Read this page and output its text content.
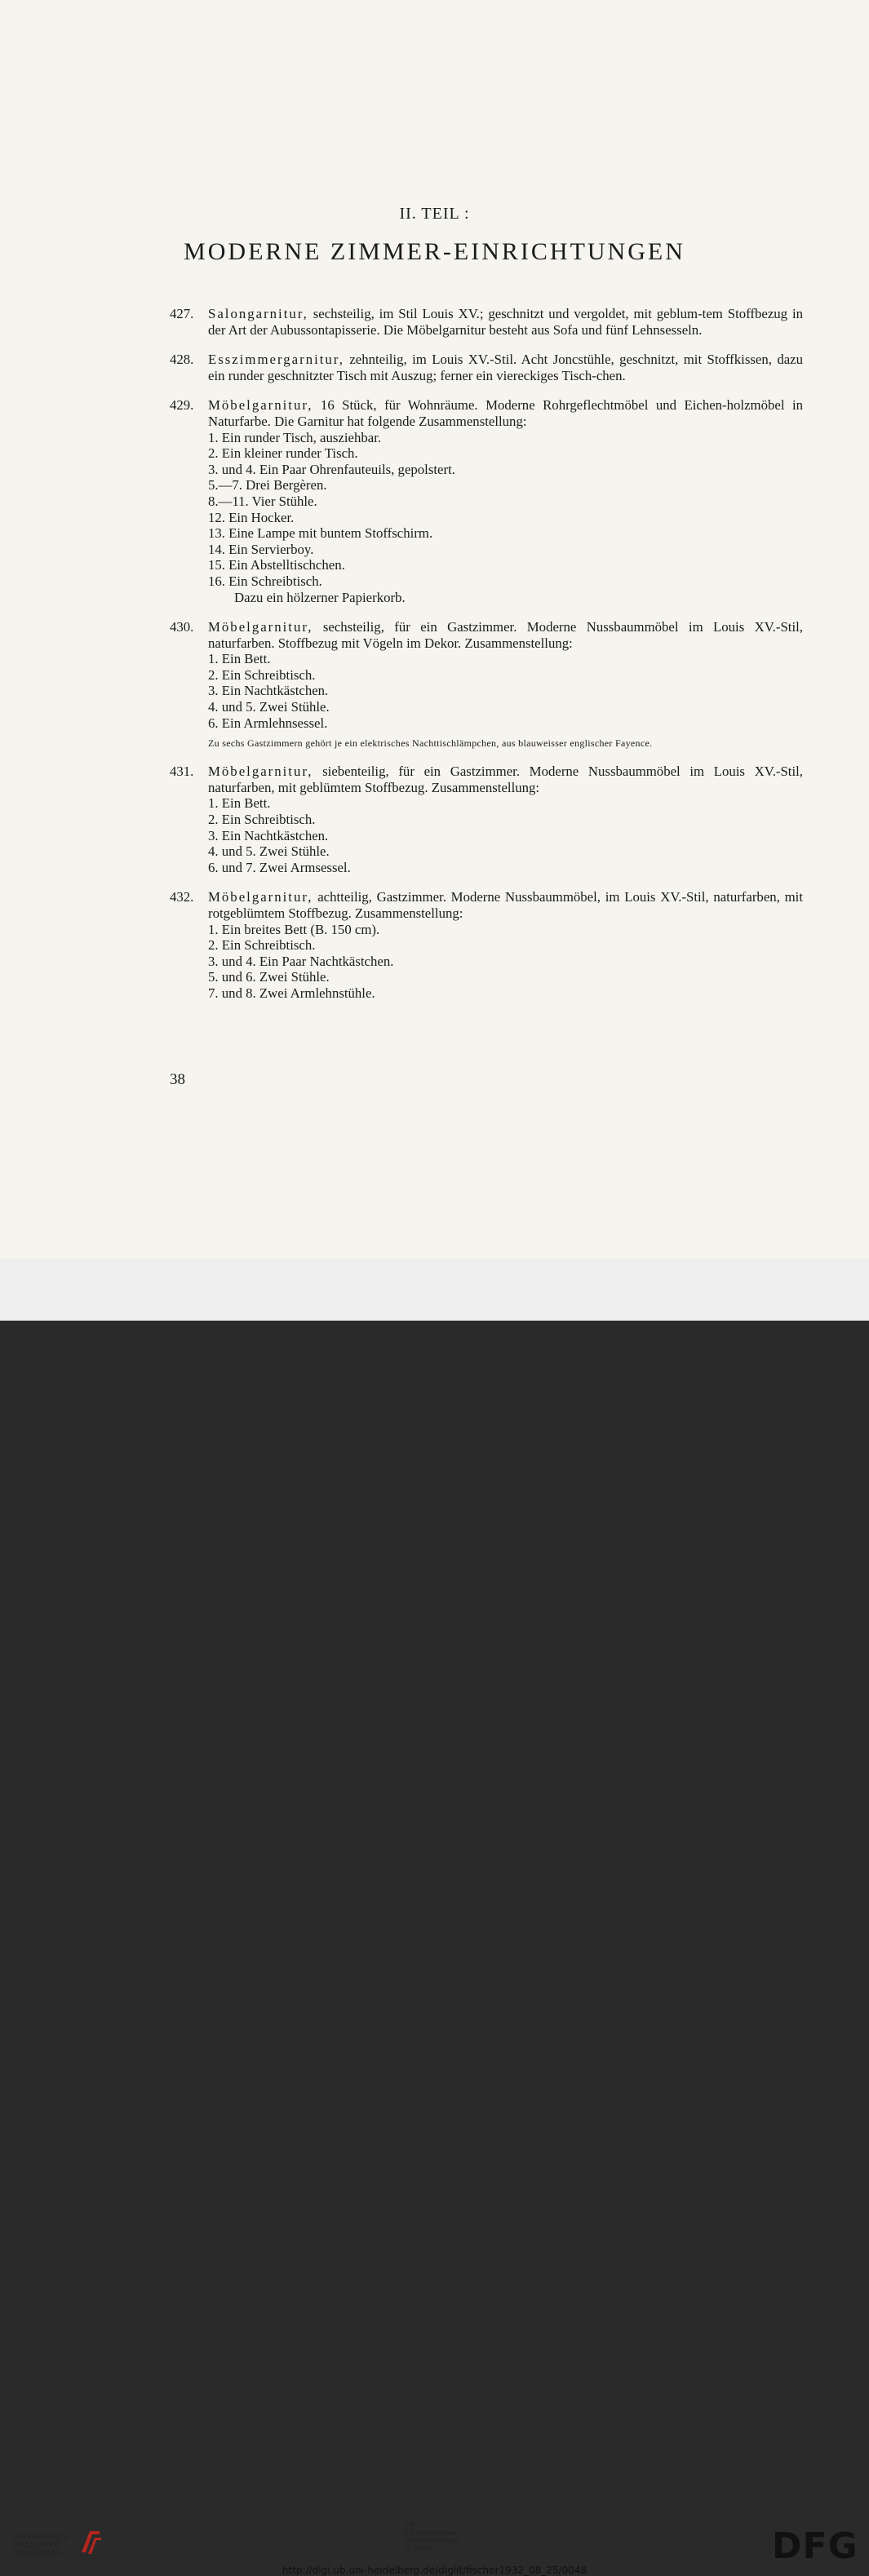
II. TEIL :
MODERNE ZIMMER-EINRICHTUNGEN
427. Salongarnitur, sechsteilig, im Stil Louis XV.; geschnitzt und vergoldet, mit geblum-tem Stoffbezug in der Art der Aubussontapisserie. Die Möbelgarnitur besteht aus Sofa und fünf Lehnsesseln.
428. Esszimmergarnitur, zehnteilig, im Louis XV.-Stil. Acht Joncstühle, geschnitzt, mit Stoffkissen, dazu ein runder geschnitzter Tisch mit Auszug; ferner ein viereckiges Tisch-chen.
429. Möbelgarnitur, 16 Stück, für Wohnräume. Moderne Rohrgeflechtmöbel und Eichen-holzmöbel in Naturfarbe. Die Garnitur hat folgende Zusammenstellung:
1. Ein runder Tisch, ausziehbar.
2. Ein kleiner runder Tisch.
3. und 4. Ein Paar Ohrenfauteuils, gepolstert.
5.—7. Drei Bergèren.
8.—11. Vier Stühle.
12. Ein Hocker.
13. Eine Lampe mit buntem Stoffschirm.
14. Ein Servierboy.
15. Ein Abstelltischchen.
16. Ein Schreibtisch.
Dazu ein hölzerner Papierkorb.
430. Möbelgarnitur, sechsteilig, für ein Gastzimmer. Moderne Nussbaummöbel im Louis XV.-Stil, naturfarben. Stoffbezug mit Vögeln im Dekor. Zusammenstellung:
1. Ein Bett.
2. Ein Schreibtisch.
3. Ein Nachtkästchen.
4. und 5. Zwei Stühle.
6. Ein Armlehnsessel.
Zu sechs Gastzimmern gehört je ein elektrisches Nachttischlämpchen, aus blauweisser englischer Fayence.
431. Möbelgarnitur, siebenteilig, für ein Gastzimmer. Moderne Nussbaummöbel im Louis XV.-Stil, naturfarben, mit geblümtem Stoffbezug. Zusammenstellung:
1. Ein Bett.
2. Ein Schreibtisch.
3. Ein Nachtkästchen.
4. und 5. Zwei Stühle.
6. und 7. Zwei Armsessel.
432. Möbelgarnitur, achtteilig, Gastzimmer. Moderne Nussbaummöbel, im Louis XV.-Stil, naturfarben, mit rotgeblümtem Stoffbezug. Zusammenstellung:
1. Ein breites Bett (B. 150 cm).
2. Ein Schreibtisch.
3. und 4. Ein Paar Nachtkästchen.
5. und 6. Zwei Stühle.
7. und 8. Zwei Armlehnstühle.
38
UNIVERSITÄTS-
BIBLIOTHEK
HEIDELBERG
S M
B Kunstbibliothek
Staatliche Museen
zu Berlin	DFG
http://digi.ub.uni-heidelberg.de/diglit/fischer1932_08_25/0048
